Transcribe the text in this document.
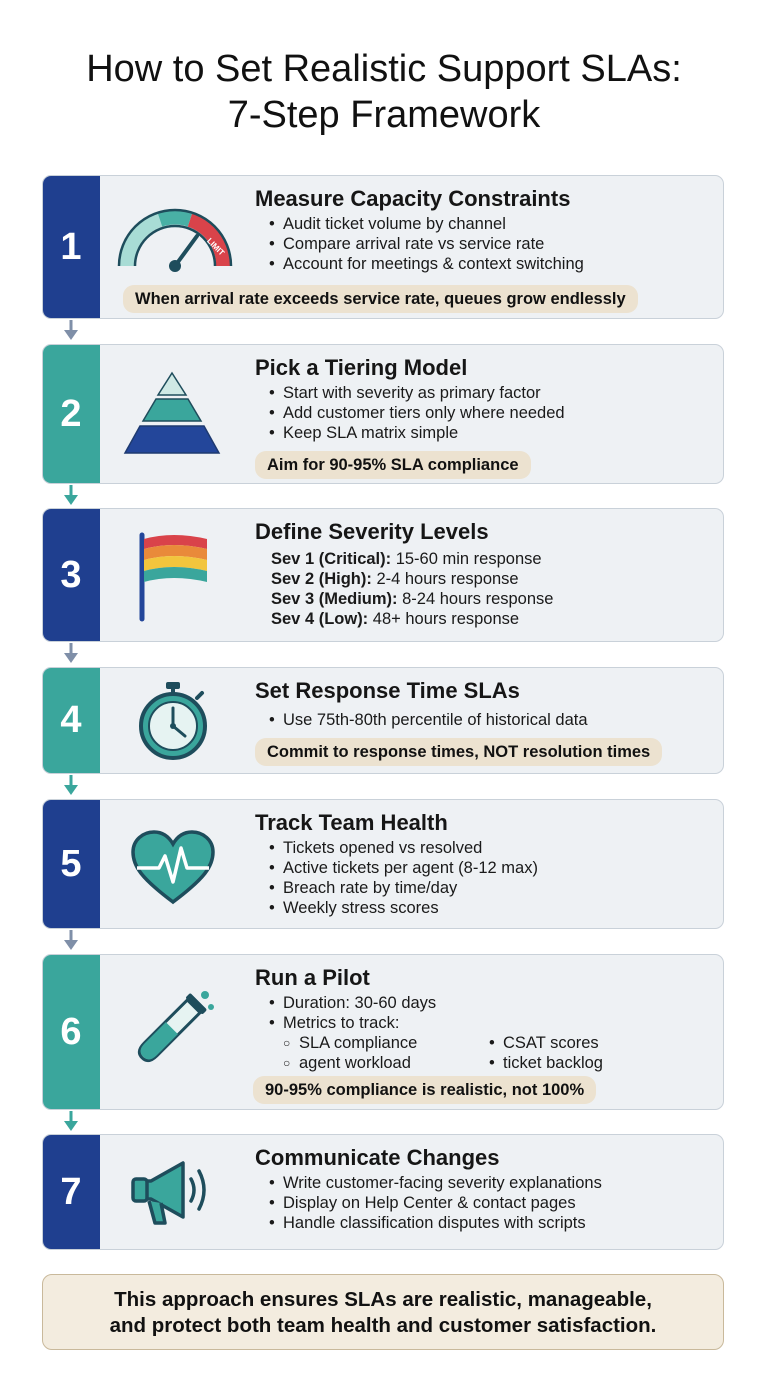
How to Set Realistic Support SLAs:
7-Step Framework
1	LIMIT
Measure Capacity Constraints
• Audit ticket volume by channel
• Compare arrival rate vs service rate
• Account for meetings & context switching
When arrival rate exceeds service rate, queues grow endlessly
2
Pick a Tiering Model
• Start with severity as primary factor
• Add customer tiers only where needed
• Keep SLA matrix simple
Aim for 90-95% SLA compliance
3
Define Severity Levels
Sev 1 (Critical): 15-60 min response
Sev 2 (High): 2-4 hours response
Sev 3 (Medium): 8-24 hours response
Sev 4 (Low): 48+ hours response
4
Set Response Time SLAs
• Use 75th-80th percentile of historical data
Commit to response times, NOT resolution times
5
Track Team Health
• Tickets opened vs resolved
• Active tickets per agent (8-12 max)
• Breach rate by time/day
• Weekly stress scores
6
Run a Pilot
• Duration: 30-60 days
• Metrics to track:
○ SLA compliance	• CSAT scores
○ agent workload	• ticket backlog
90-95% compliance is realistic, not 100%
7
Communicate Changes
• Write customer-facing severity explanations
• Display on Help Center & contact pages
• Handle classification disputes with scripts
This approach ensures SLAs are realistic, manageable,
and protect both team health and customer satisfaction.
